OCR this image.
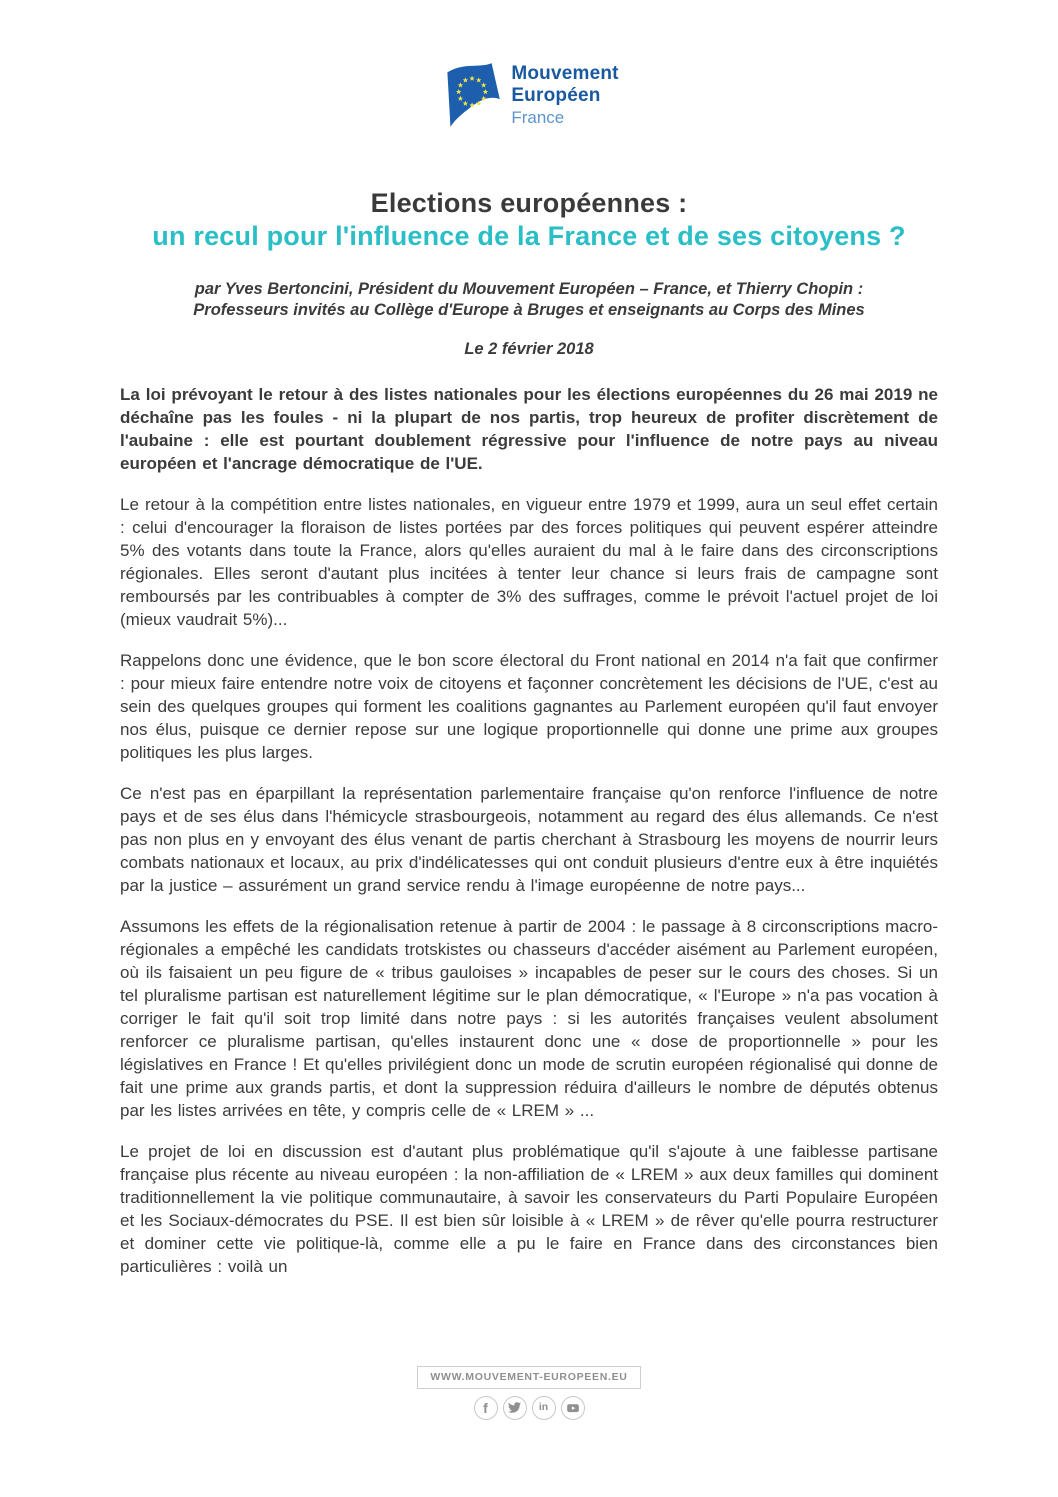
Mouvement
Européen
France
Elections européennes :
un recul pour l'influence de la France et de ses citoyens ?
par Yves Bertoncini, Président du Mouvement Européen – France, et Thierry Chopin :
Professeurs invités au Collège d'Europe à Bruges et enseignants au Corps des Mines
Le 2 février 2018

La loi prévoyant le retour à des listes nationales pour les élections européennes du 26 mai 2019 ne déchaîne pas les foules - ni la plupart de nos partis, trop heureux de profiter discrètement de l'aubaine : elle est pourtant doublement régressive pour l'influence de notre pays au niveau européen et l'ancrage démocratique de l'UE.

Le retour à la compétition entre listes nationales, en vigueur entre 1979 et 1999, aura un seul effet certain : celui d'encourager la floraison de listes portées par des forces politiques qui peuvent espérer atteindre 5% des votants dans toute la France, alors qu'elles auraient du mal à le faire dans des circonscriptions régionales. Elles seront d'autant plus incitées à tenter leur chance si leurs frais de campagne sont remboursés par les contribuables à compter de 3% des suffrages, comme le prévoit l'actuel projet de loi (mieux vaudrait 5%)...

Rappelons donc une évidence, que le bon score électoral du Front national en 2014 n'a fait que confirmer : pour mieux faire entendre notre voix de citoyens et façonner concrètement les décisions de l'UE, c'est au sein des quelques groupes qui forment les coalitions gagnantes au Parlement européen qu'il faut envoyer nos élus, puisque ce dernier repose sur une logique proportionnelle qui donne une prime aux groupes politiques les plus larges.

Ce n'est pas en éparpillant la représentation parlementaire française qu'on renforce l'influence de notre pays et de ses élus dans l'hémicycle strasbourgeois, notamment au regard des élus allemands. Ce n'est pas non plus en y envoyant des élus venant de partis cherchant à Strasbourg les moyens de nourrir leurs combats nationaux et locaux, au prix d'indélicatesses qui ont conduit plusieurs d'entre eux à être inquiétés par la justice – assurément un grand service rendu à l'image européenne de notre pays...

Assumons les effets de la régionalisation retenue à partir de 2004 : le passage à 8 circonscriptions macro-régionales a empêché les candidats trotskistes ou chasseurs d'accéder aisément au Parlement européen, où ils faisaient un peu figure de « tribus gauloises » incapables de peser sur le cours des choses. Si un tel pluralisme partisan est naturellement légitime sur le plan démocratique, « l'Europe » n'a pas vocation à corriger le fait qu'il soit trop limité dans notre pays : si les autorités françaises veulent absolument renforcer ce pluralisme partisan, qu'elles instaurent donc une « dose de proportionnelle » pour les législatives en France ! Et qu'elles privilégient donc un mode de scrutin européen régionalisé qui donne de fait une prime aux grands partis, et dont la suppression réduira d'ailleurs le nombre de députés obtenus par les listes arrivées en tête, y compris celle de « LREM » ...

Le projet de loi en discussion est d'autant plus problématique qu'il s'ajoute à une faiblesse partisane française plus récente au niveau européen : la non-affiliation de « LREM » aux deux familles qui dominent traditionnellement la vie politique communautaire, à savoir les conservateurs du Parti Populaire Européen et les Sociaux-démocrates du PSE. Il est bien sûr loisible à « LREM » de rêver qu'elle pourra restructurer et dominer cette vie politique-là, comme elle a pu le faire en France dans des circonstances bien particulières : voilà un

WWW.MOUVEMENT-EUROPEEN.EU
f	in
